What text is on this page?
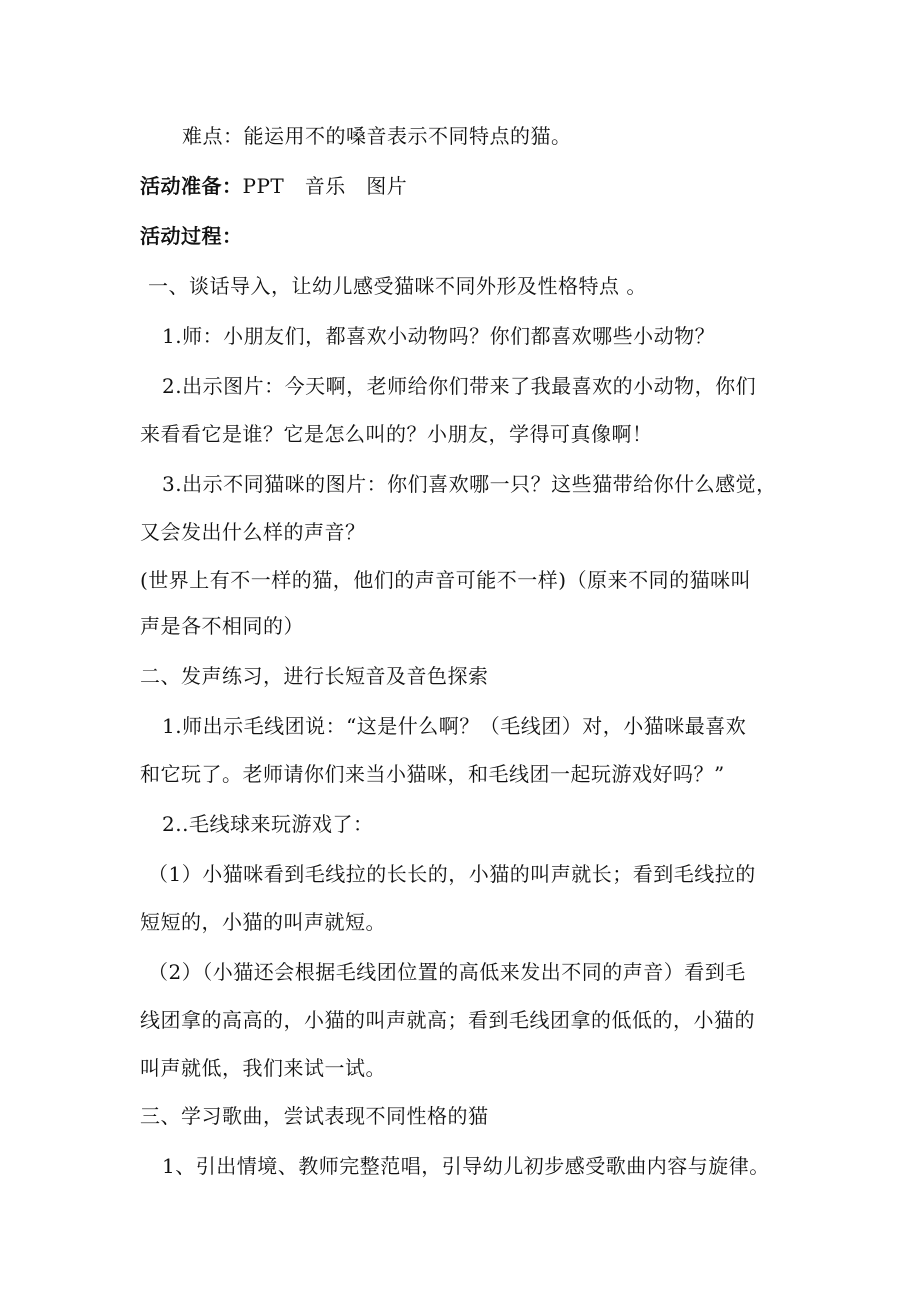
难点：能运用不的嗓音表示不同特点的猫。
活动准备：PPT　音乐　图片
活动过程：
一、谈话导入，让幼儿感受猫咪不同外形及性格特点 。
1.师：小朋友们，都喜欢小动物吗？你们都喜欢哪些小动物？
2.出示图片：今天啊，老师给你们带来了我最喜欢的小动物，你们
来看看它是谁？它是怎么叫的？小朋友，学得可真像啊！
3.出示不同猫咪的图片：你们喜欢哪一只？这些猫带给你什么感觉，
又会发出什么样的声音？
(世界上有不一样的猫，他们的声音可能不一样)（原来不同的猫咪叫
声是各不相同的）
二、发声练习，进行长短音及音色探索
1.师出示毛线团说：“这是什么啊？（毛线团）对，小猫咪最喜欢
和它玩了。老师请你们来当小猫咪，和毛线团一起玩游戏好吗？”
2..毛线球来玩游戏了：
（1）小猫咪看到毛线拉的长长的，小猫的叫声就长；看到毛线拉的
短短的，小猫的叫声就短。
（2）（小猫还会根据毛线团位置的高低来发出不同的声音）看到毛
线团拿的高高的，小猫的叫声就高；看到毛线团拿的低低的，小猫的
叫声就低，我们来试一试。
三、学习歌曲，尝试表现不同性格的猫
1、引出情境、教师完整范唱，引导幼儿初步感受歌曲内容与旋律。
